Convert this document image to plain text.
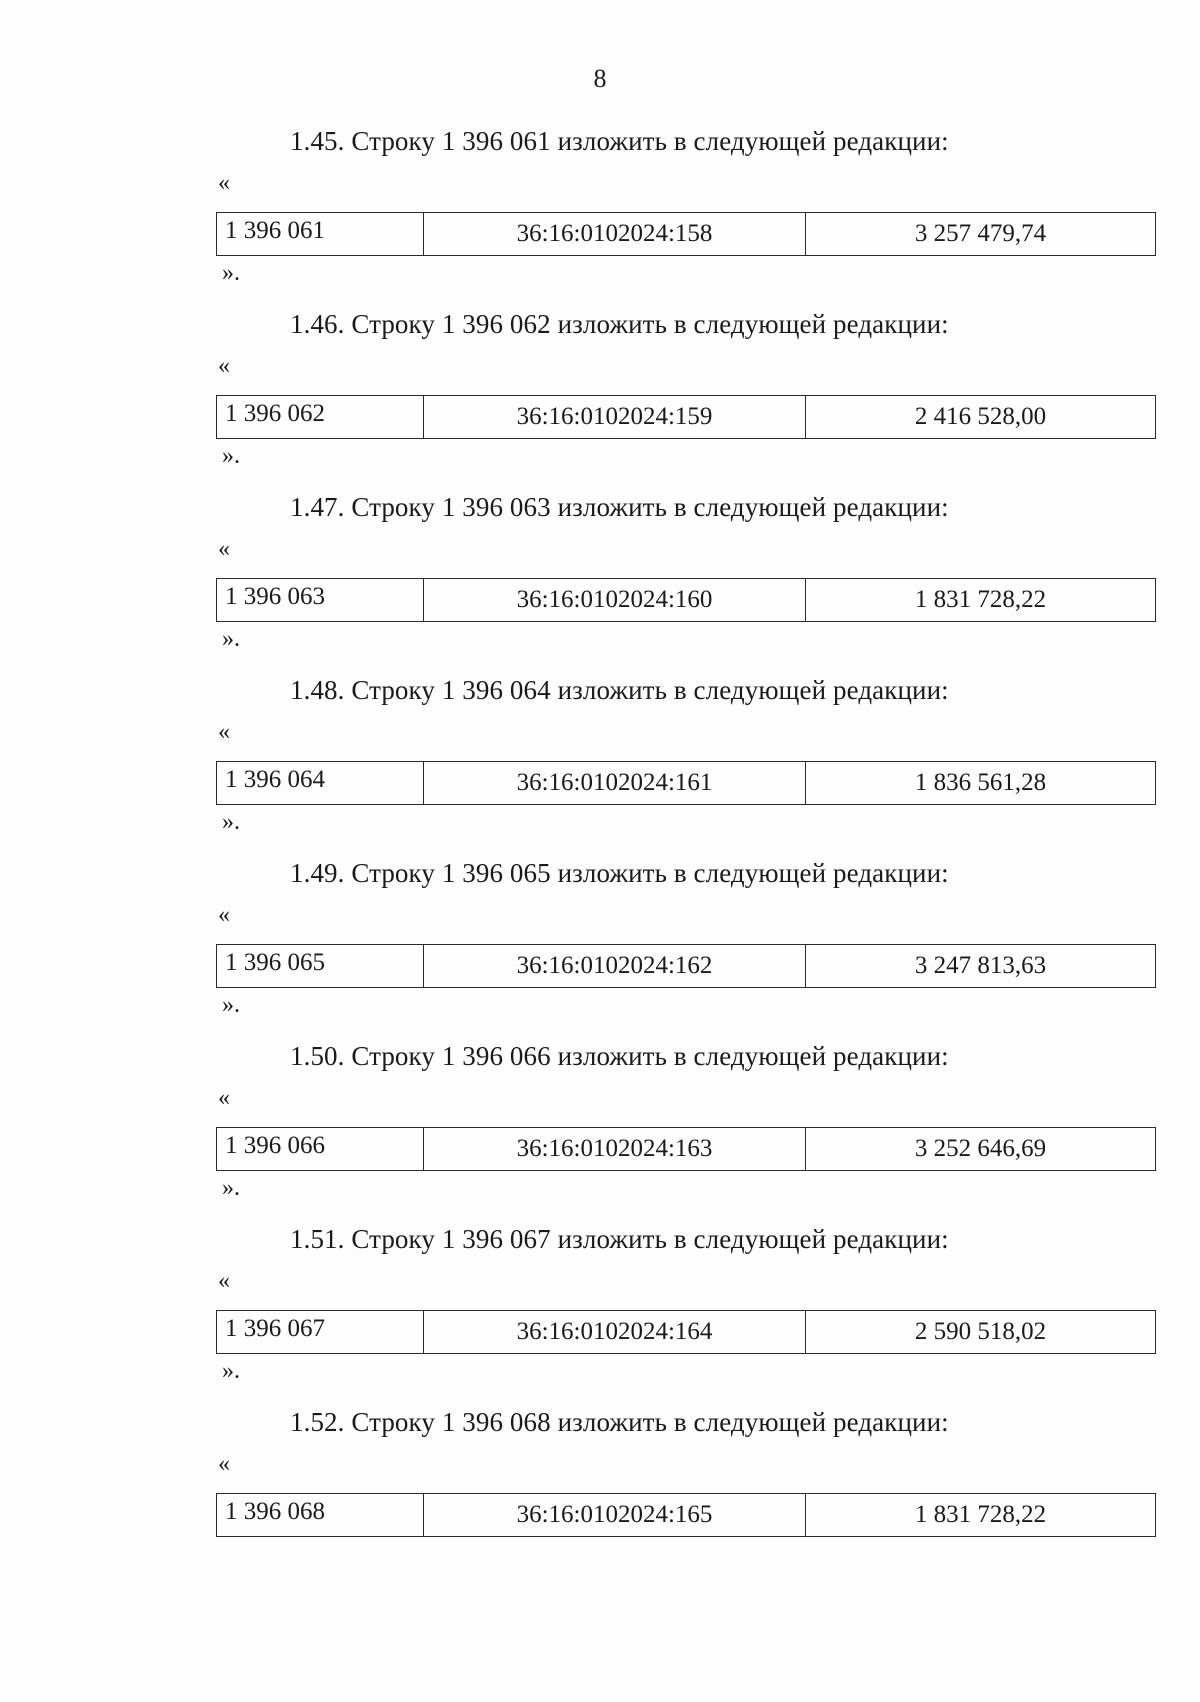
8
1.45. Строку 1 396 061 изложить в следующей редакции:
«
1 396 061	36:16:0102024:158	3 257 479,74
».
1.46. Строку 1 396 062 изложить в следующей редакции:
«
1 396 062	36:16:0102024:159	2 416 528,00
».
1.47. Строку 1 396 063 изложить в следующей редакции:
«
1 396 063	36:16:0102024:160	1 831 728,22
».
1.48. Строку 1 396 064 изложить в следующей редакции:
«
1 396 064	36:16:0102024:161	1 836 561,28
».
1.49. Строку 1 396 065 изложить в следующей редакции:
«
1 396 065	36:16:0102024:162	3 247 813,63
».
1.50. Строку 1 396 066 изложить в следующей редакции:
«
1 396 066	36:16:0102024:163	3 252 646,69
».
1.51. Строку 1 396 067 изложить в следующей редакции:
«
1 396 067	36:16:0102024:164	2 590 518,02
».
1.52. Строку 1 396 068 изложить в следующей редакции:
«
1 396 068	36:16:0102024:165	1 831 728,22
